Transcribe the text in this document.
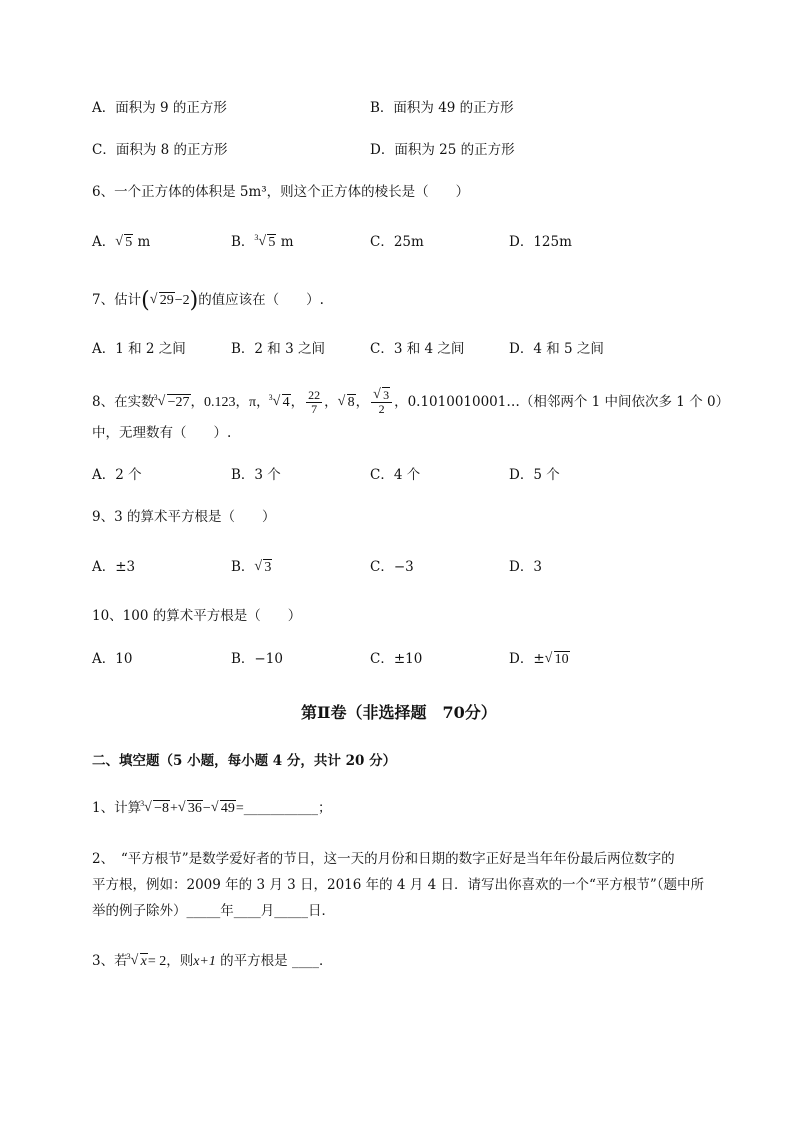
A．面积为 9 的正方形	B．面积为 49 的正方形
C．面积为 8 的正方形	D．面积为 25 的正方形
6、一个正方体的体积是 5m³，则这个正方体的棱长是（　　）
A． √ 5 m	B． 3 √ 5 m	C．25m	D．125m
7、估计( √ 29−2)的值应该在（　　）.
A．1 和 2 之间	B．2 和 3 之间	C．3 和 4 之间	D．4 和 5 之间
8、在实数 3 √ −27，0.123，π， 3 √ 4， $\frac{22}{7}$ ， √ 8， $\frac{√ 3}{2}$ ，0.1010010001…（相邻两个 1 中间依次多 1 个 0）
中，无理数有（　　）.
A．2 个	B．3 个	C．4 个	D．5 个
9、3 的算术平方根是（　　）
A．±3	B． √ 3	C．−3	D．3
10、100 的算术平方根是（　　）
A．10	B．−10	C．±10	D．± √ 10
第Ⅱ卷（非选择题　70分）
二、填空题（5 小题，每小题 4 分，共计 20 分）
1、计算 3 √ −8+ √ 36− √ 49=___________；
2、　“平方根节”是数学爱好者的节日，这一天的月份和日期的数字正好是当年年份最后两位数字的
平方根，例如：2009 年的 3 月 3 日，2016 年的 4 月 4 日．请写出你喜欢的一个“平方根节”（题中所
举的例子除外）_____年____月_____日．
3、若 3 √ x= 2，则x+1 的平方根是 ____．
